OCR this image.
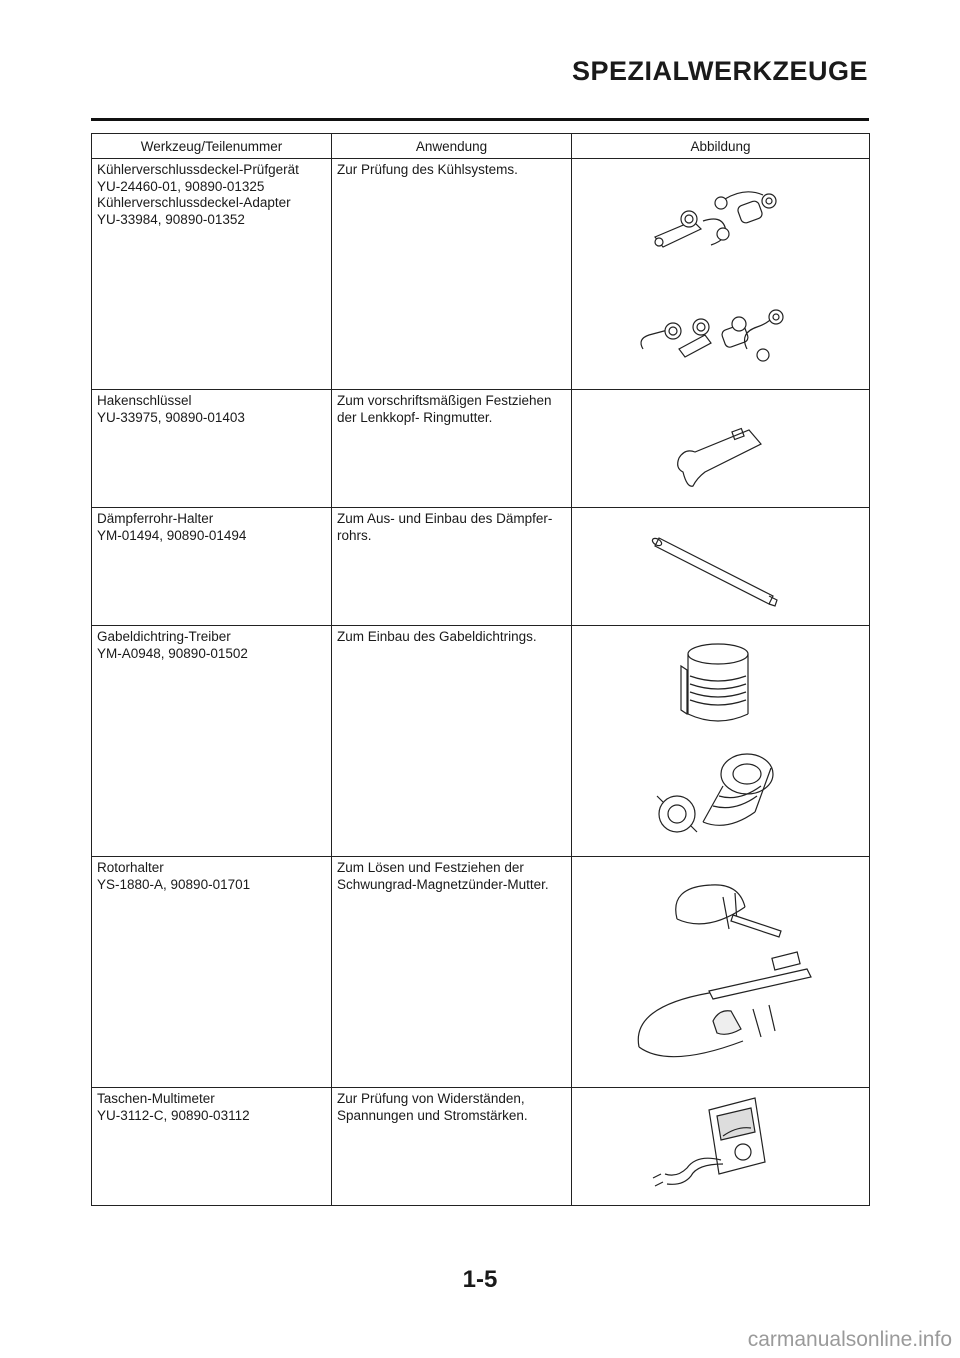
SPEZIALWERKZEUGE
Werkzeug/Teilenummer	Anwendung	Abbildung

Kühlerverschlussdeckel-Prüfgerät
YU-24460-01, 90890-01325
Kühlerverschlussdeckel-Adapter
YU-33984, 90890-01352	Zur Prüfung des Kühlsystems.

Hakenschlüssel
YU-33975, 90890-01403	Zum vorschriftsmäßigen Festziehen der Lenkkopf- Ringmutter.

Dämpferrohr-Halter
YM-01494, 90890-01494	Zum Aus- und Einbau des Dämpfer-rohrs.

Gabeldichtring-Treiber
YM-A0948, 90890-01502	Zum Einbau des Gabeldichtrings.

Rotorhalter
YS-1880-A, 90890-01701	Zum Lösen und Festziehen der Schwungrad-Magnetzünder-Mutter.

Taschen-Multimeter
YU-3112-C, 90890-03112	Zur Prüfung von Widerständen, Spannungen und Stromstärken.

1-5
carmanualsonline.info
